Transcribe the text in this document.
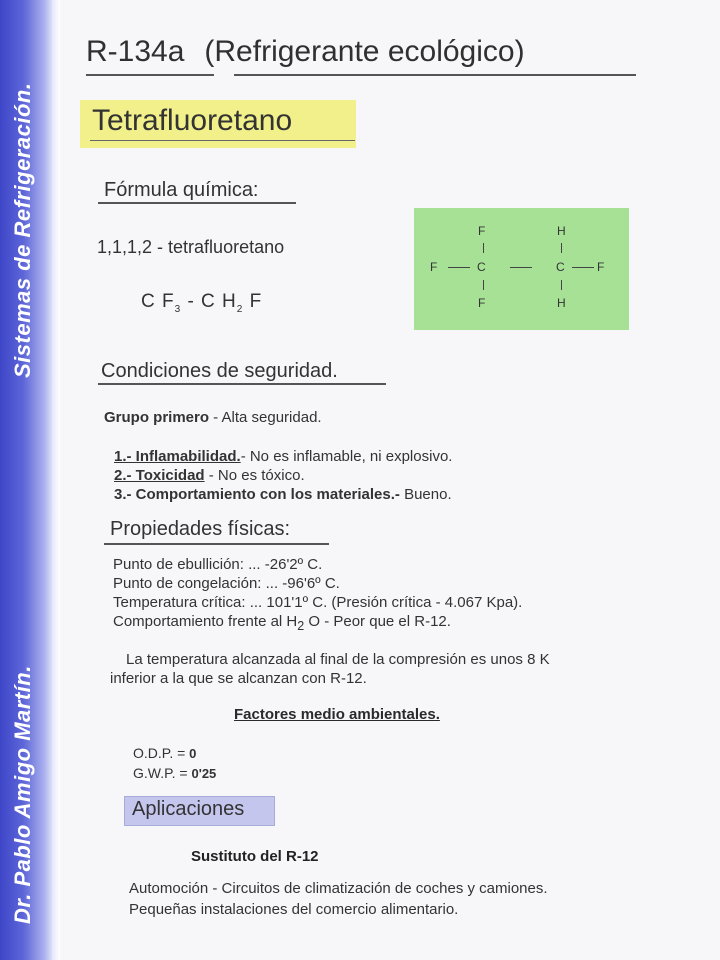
Sistemas de Refrigeración.
Dr. Pablo Amigo Martín.
R-134a (Refrigerante ecológico)
Tetrafluoretano
Fórmula química:
1,1,1,2 - tetrafluoretano
C $F_3$ - C $H_2$ F
F	H
F	C	C	F
F	H
Condiciones de seguridad.
Grupo primero - Alta seguridad.
1.- Inflamabilidad.- No es inflamable, ni explosivo.
2.- Toxicidad - No es tóxico.
3.- Comportamiento con los materiales.- Bueno.
Propiedades físicas:
Punto de ebullición: ... -26'2º C.
Punto de congelación: ... -96'6º C.
Temperatura crítica: ... 101'1º C. (Presión crítica - 4.067 Kpa).
Comportamiento frente al $H_2$ O - Peor que el R-12.
La temperatura alcanzada al final de la compresión es unos 8 K
inferior a la que se alcanzan con R-12.
Factores medio ambientales.
O.D.P. = 0
G.W.P. = 0'25
Aplicaciones
Sustituto del R-12
Automoción - Circuitos de climatización de coches y camiones.
Pequeñas instalaciones del comercio alimentario.
